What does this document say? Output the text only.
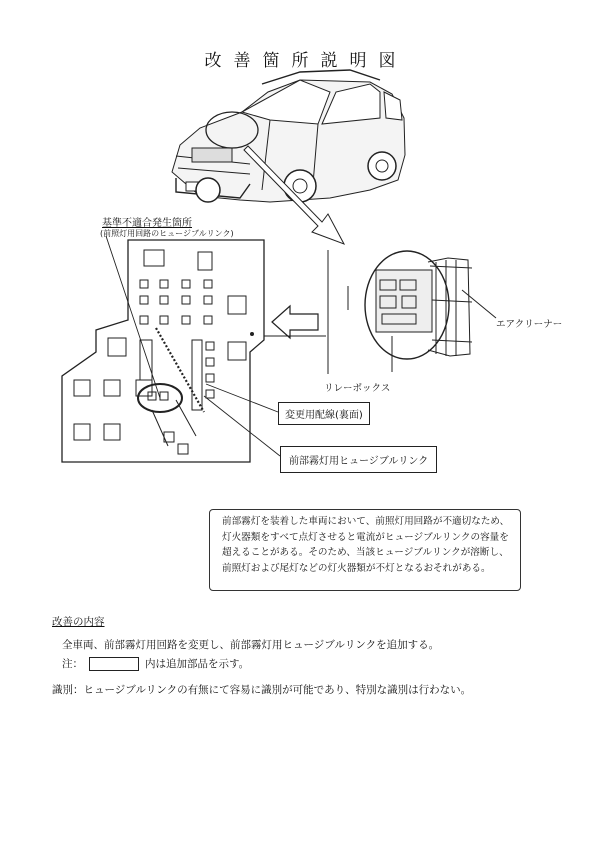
改善箇所説明図
基準不適合発生箇所
(前照灯用回路のヒュージブルリンク)
エアクリーナー
リレーボックス
変更用配線(裏面)
前部霧灯用ヒュージブルリンク
前部霧灯を装着した車両において、前照灯用回路が不適切なため、灯火器類をすべて点灯させると電流がヒュージブルリンクの容量を超えることがある。そのため、当該ヒュージブルリンクが溶断し、前照灯および尾灯などの灯火器類が不灯となるおそれがある。
改善の内容
全車両、前部霧灯用回路を変更し、前部霧灯用ヒュージブルリンクを追加する。
注：	内は追加部品を示す。
識別：ヒュージブルリンクの有無にて容易に識別が可能であり、特別な識別は行わない。
